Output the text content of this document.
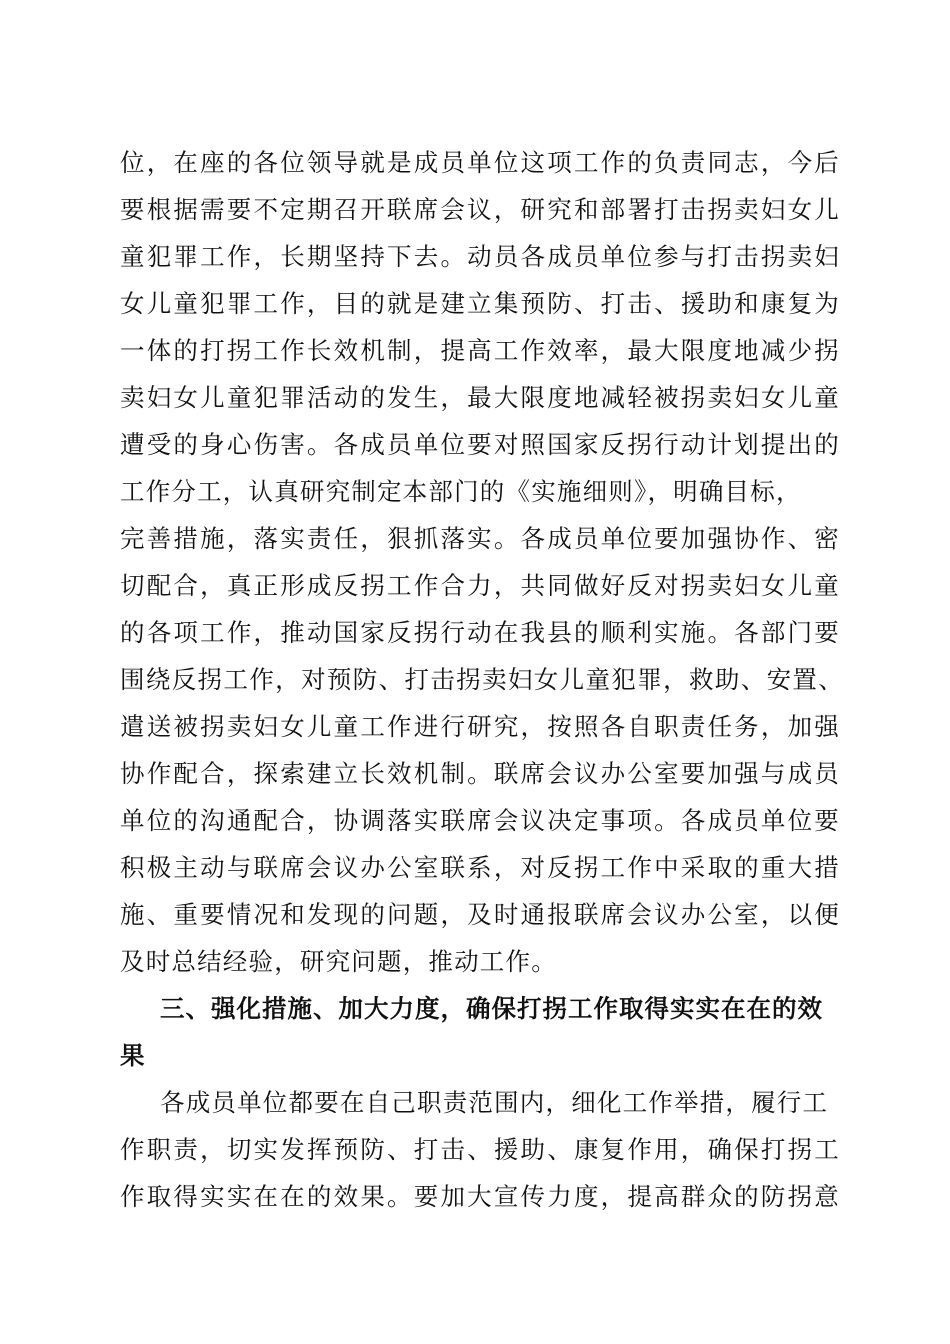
位，在座的各位领导就是成员单位这项工作的负责同志，今后
要根据需要不定期召开联席会议，研究和部署打击拐卖妇女儿
童犯罪工作，长期坚持下去。动员各成员单位参与打击拐卖妇
女儿童犯罪工作，目的就是建立集预防、打击、援助和康复为
一体的打拐工作长效机制，提高工作效率，最大限度地减少拐
卖妇女儿童犯罪活动的发生，最大限度地减轻被拐卖妇女儿童
遭受的身心伤害。各成员单位要对照国家反拐行动计划提出的
工作分工，认真研究制定本部门的《实施细则》，明确目标，
完善措施，落实责任，狠抓落实。各成员单位要加强协作、密
切配合，真正形成反拐工作合力，共同做好反对拐卖妇女儿童
的各项工作，推动国家反拐行动在我县的顺利实施。各部门要
围绕反拐工作，对预防、打击拐卖妇女儿童犯罪，救助、安置、
遣送被拐卖妇女儿童工作进行研究，按照各自职责任务，加强
协作配合，探索建立长效机制。联席会议办公室要加强与成员
单位的沟通配合，协调落实联席会议决定事项。各成员单位要
积极主动与联席会议办公室联系，对反拐工作中采取的重大措
施、重要情况和发现的问题，及时通报联席会议办公室，以便
及时总结经验，研究问题，推动工作。
三、强化措施、加大力度，确保打拐工作取得实实在在的效
果
各成员单位都要在自己职责范围内，细化工作举措，履行工
作职责，切实发挥预防、打击、援助、康复作用，确保打拐工
作取得实实在在的效果。要加大宣传力度，提高群众的防拐意
